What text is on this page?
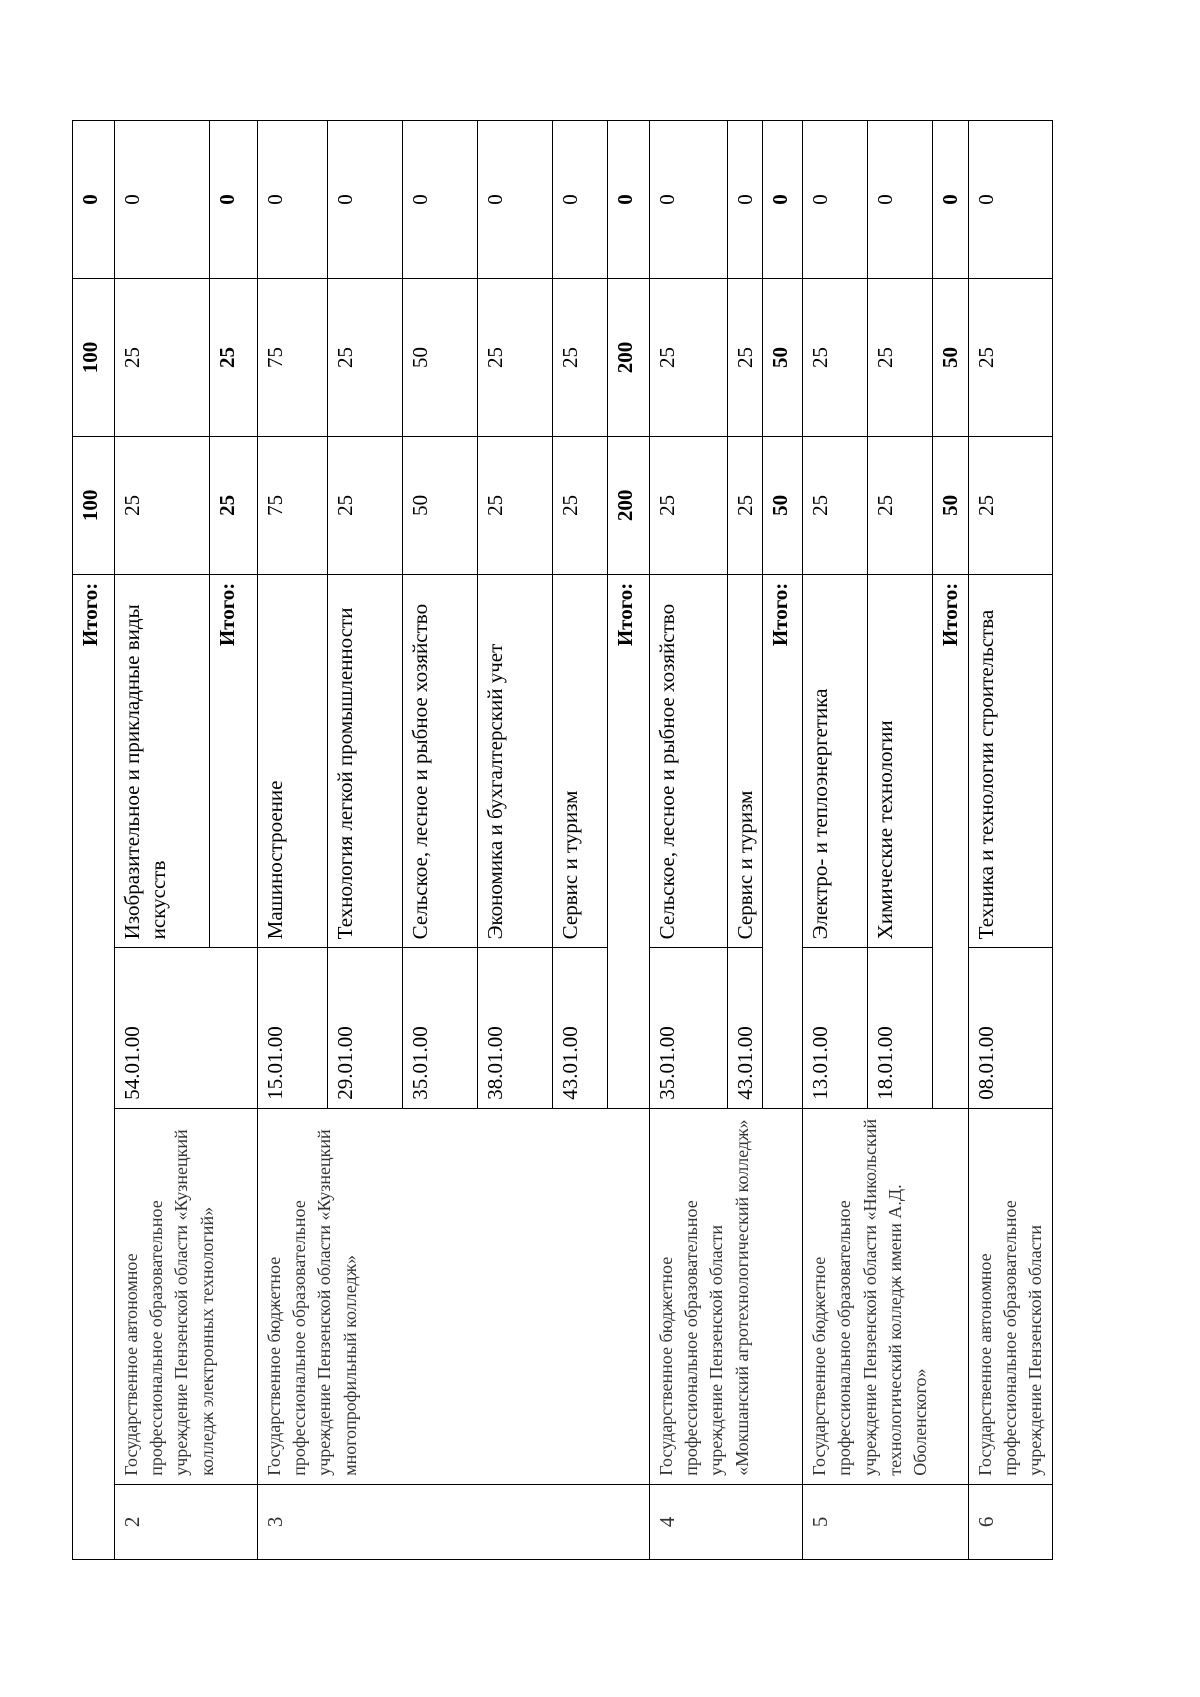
Итого:				100	100	0
2	Государственное автономное профессиональное образовательное учреждение Пензенской области «Кузнецкий колледж электронных технологий»	54.01.00	Изобразительное и прикладные виды искусств	25	25	0
			Итого:	25	25	0
3	Государственное бюджетное профессиональное образовательное учреждение Пензенской области «Кузнецкий многопрофильный колледж»	15.01.00	Машиностроение	75	75	0
		29.01.00	Технология легкой промышленности	25	25	0
		35.01.00	Сельское, лесное и рыбное хозяйство	50	50	0
		38.01.00	Экономика и бухгалтерский учет	25	25	0
		43.01.00	Сервис и туризм	25	25	0
		Итого:		200	200	0
4	Государственное бюджетное профессиональное образовательное учреждение Пензенской области «Мокшанский агротехнологический колледж»	35.01.00	Сельское, лесное и рыбное хозяйство	25	25	0
		43.01.00	Сервис и туризм	25	25	0
		Итого:		50	50	0
5	Государственное бюджетное профессиональное образовательное учреждение Пензенской области «Никольский технологический колледж имени А.Д. Оболенского»	13.01.00	Электро- и теплоэнергетика	25	25	0
		18.01.00	Химические технологии	25	25	0
		Итого:		50	50	0
6	Государственное автономное профессиональное образовательное учреждение Пензенской области	08.01.00	Техника и технологии строительства	25	25	0
